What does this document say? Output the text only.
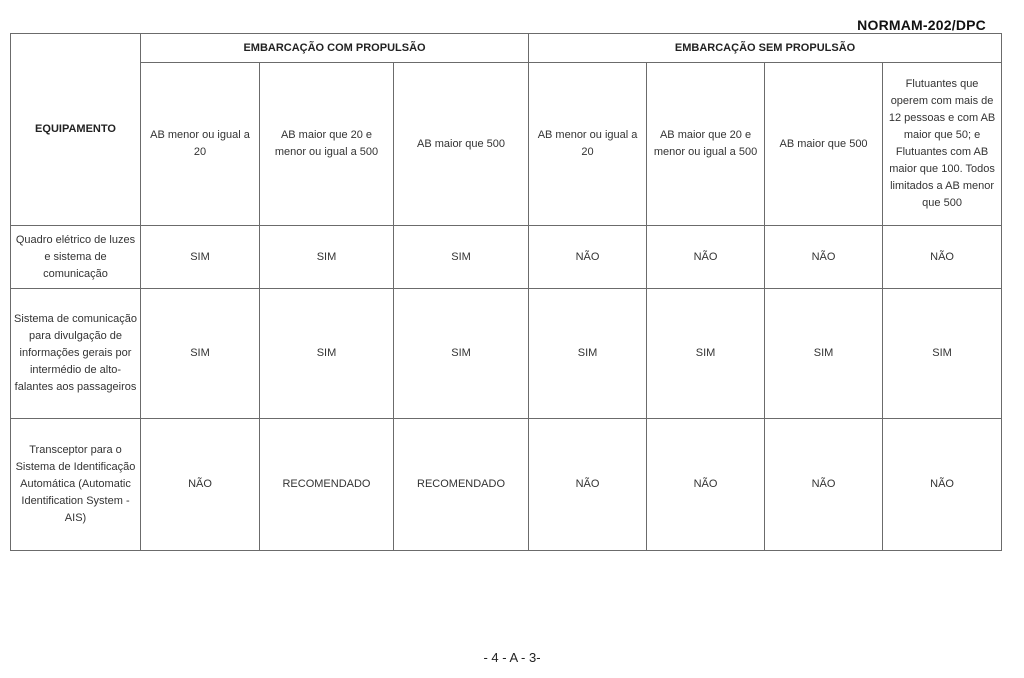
NORMAM-202/DPC
EQUIPAMENTO	EMBARCAÇÃO COM PROPULSÃO			EMBARCAÇÃO SEM PROPULSÃO			
	AB menor ou igual a 20	AB maior que 20 e menor ou igual a 500	AB maior que 500	AB menor ou igual a 20	AB maior que 20 e menor ou igual a 500	AB maior que 500	Flutuantes que operem com mais de 12 pessoas e com AB maior que 50; e Flutuantes com AB maior que 100. Todos limitados a AB menor que 500
Quadro elétrico de luzes e sistema de comunicação	SIM	SIM	SIM	NÃO	NÃO	NÃO	NÃO
Sistema de comunicação para divulgação de informações gerais por intermédio de alto-falantes aos passageiros	SIM	SIM	SIM	SIM	SIM	SIM	SIM
Transceptor para o Sistema de Identificação Automática (Automatic Identification System - AIS)	NÃO	RECOMENDADO	RECOMENDADO	NÃO	NÃO	NÃO	NÃO
- 4 - A - 3-
